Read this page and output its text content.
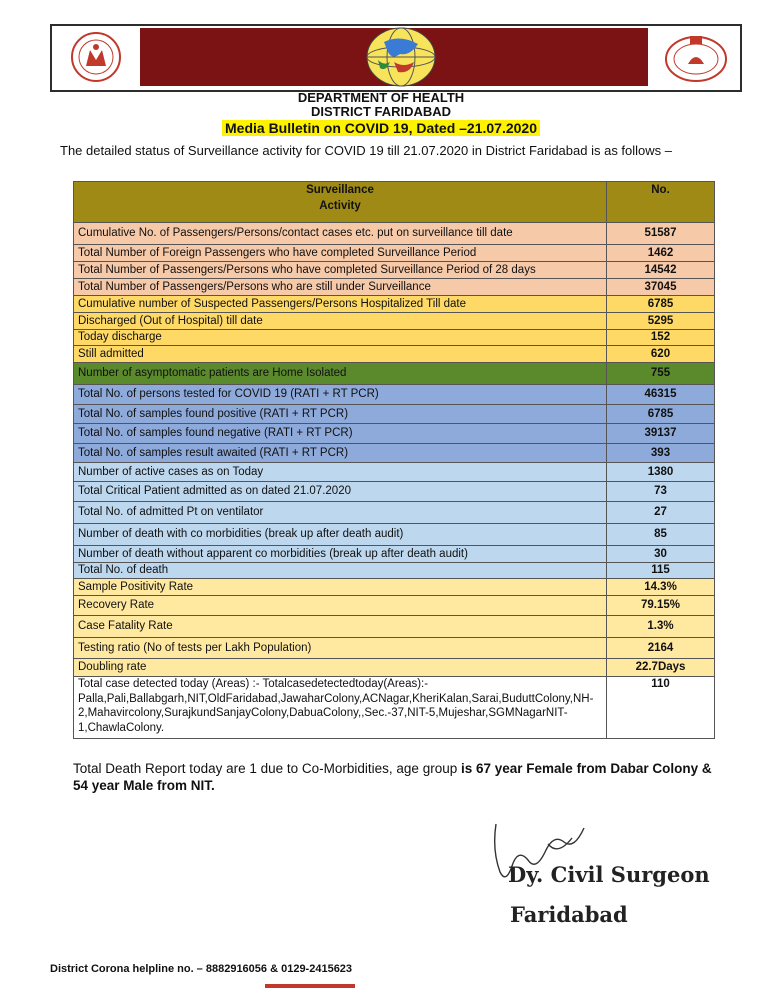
DEPARTMENT OF HEALTH
DISTRICT FARIDABAD
Media Bulletin on COVID 19, Dated –21.07.2020
The detailed status of Surveillance activity for COVID 19 till 21.07.2020 in District Faridabad is as follows –
Surveillance
Activity	No.
Cumulative No. of Passengers/Persons/contact cases etc. put on surveillance till date	51587
Total Number of Foreign Passengers who have completed Surveillance Period	1462
Total Number of Passengers/Persons who have completed Surveillance Period of 28 days	14542
Total Number of Passengers/Persons who are still under Surveillance	37045
Cumulative number of Suspected Passengers/Persons Hospitalized Till date	6785
Discharged (Out of Hospital) till date	5295
Today discharge	152
Still admitted	620
Number of asymptomatic patients are Home Isolated	755
Total No. of persons tested for COVID 19 (RATI + RT PCR)	46315
Total No. of samples found positive (RATI + RT PCR)	6785
Total No. of samples found negative (RATI + RT PCR)	39137
Total No. of samples result awaited (RATI + RT PCR)	393
Number of active cases as on Today	1380
Total Critical Patient admitted as on dated 21.07.2020	73
Total No. of admitted Pt on ventilator	27
Number of death with co morbidities (break up after death audit)	85
Number of death without apparent co morbidities (break up after death audit)	30
Total No. of death	115
Sample Positivity Rate	14.3%
Recovery Rate	79.15%
Case Fatality Rate	1.3%
Testing ratio (No of tests per Lakh Population)	2164
Doubling rate	22.7Days
Total case detected today (Areas) :- Totalcasedetectedtoday(Areas):- Palla,Pali,Ballabgarh,NIT,OldFaridabad,JawaharColony,ACNagar,KheriKalan,Sarai,BuduttColony,NH-2,Mahavircolony,SurajkundSanjayColony,DabuaColony,,Sec.-37,NIT-5,Mujeshar,SGMNagarNIT-1,ChawlaColony.	110
Total Death Report today are 1 due to Co-Morbidities, age group is 67 year Female from Dabar Colony & 54 year Male from NIT.
Dy. Civil Surgeon
Faridabad
District Corona helpline no. – 8882916056 & 0129-2415623
